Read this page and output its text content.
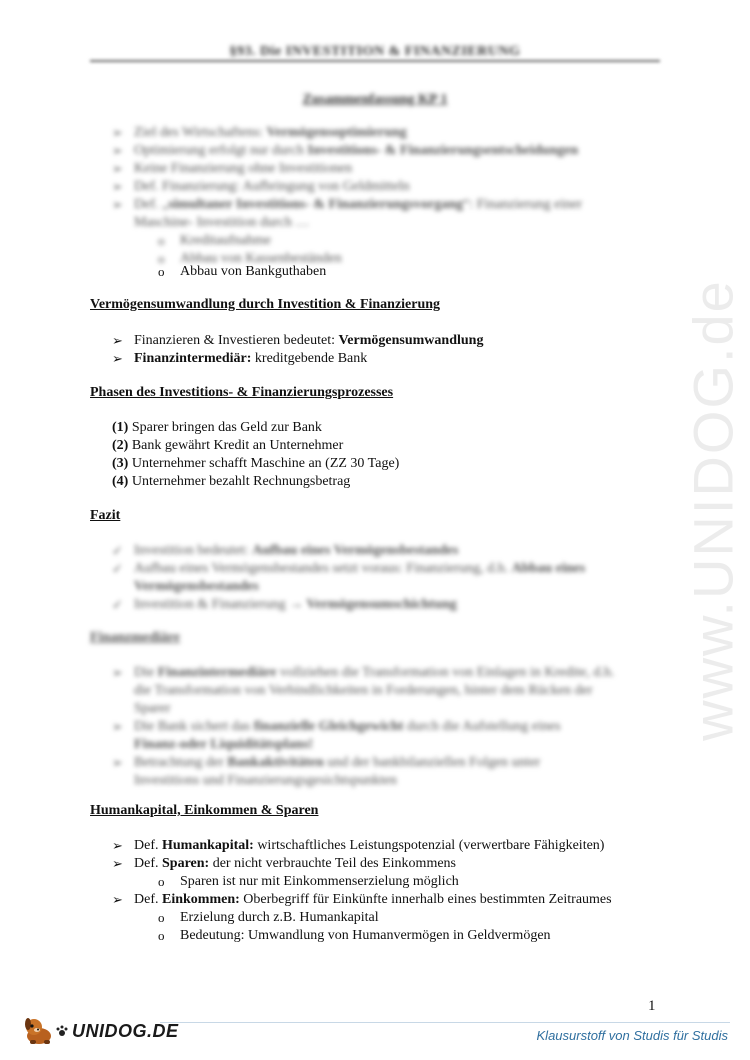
§93. Die INVESTITION & FINANZIERUNG
Zusammenfassung KP 1
➢ Ziel des Wirtschaftens: Vermögensoptimierung
➢ Optimierung erfolgt nur durch Investitions- & Finanzierungsentscheidungen
➢ Keine Finanzierung ohne Investitionen
➢ Def. Finanzierung: Aufbringung von Geldmitteln
➢ Def. „simultaner Investitions- & Finanzierungsvorgang“: Finanzierung einer
Maschine- Investition durch …
o Kreditaufnahme
o Abbau von Kassenbeständen
o Abbau von Bankguthaben
Vermögensumwandlung durch Investition & Finanzierung
➢ Finanzieren & Investieren bedeutet: Vermögensumwandlung
➢ Finanzintermediär: kreditgebende Bank
Phasen des Investitions- & Finanzierungsprozesses
(1) Sparer bringen das Geld zur Bank
(2) Bank gewährt Kredit an Unternehmer
(3) Unternehmer schafft Maschine an (ZZ 30 Tage)
(4) Unternehmer bezahlt Rechnungsbetrag
Fazit
✓ Investition bedeutet: Aufbau eines Vermögensbestandes
✓ Aufbau eines Vermögensbestandes setzt voraus: Finanzierung, d.h. Abbau eines
Vermögensbestandes
✓ Investition & Finanzierung → Vermögensumschichtung
Finanzmediäre
➢ Die Finanzintermediäre vollziehen die Transformation von Einlagen in Kredite, d.h.
die Transformation von Verbindlichkeiten in Forderungen, hinter dem Rücken der
Sparer
➢ Die Bank sichert das finanzielle Gleichgewicht durch die Aufstellung eines
Finanz-oder Liquiditätsplans!
➢ Betrachtung der Bankaktivitäten und der bankbilanziellen Folgen unter
Investitions und Finanzierungsgesichtspunkten
Humankapital, Einkommen & Sparen
➢ Def. Humankapital: wirtschaftliches Leistungspotenzial (verwertbare Fähigkeiten)
➢ Def. Sparen: der nicht verbrauchte Teil des Einkommens
o Sparen ist nur mit Einkommenserzielung möglich
➢ Def. Einkommen: Oberbegriff für Einkünfte innerhalb eines bestimmten Zeitraumes
o Erzielung durch z.B. Humankapital
o Bedeutung: Umwandlung von Humanvermögen in Geldvermögen
www.UNIDOG.de
1
UNIDOG.DE	Klausurstoff von Studis für Studis
